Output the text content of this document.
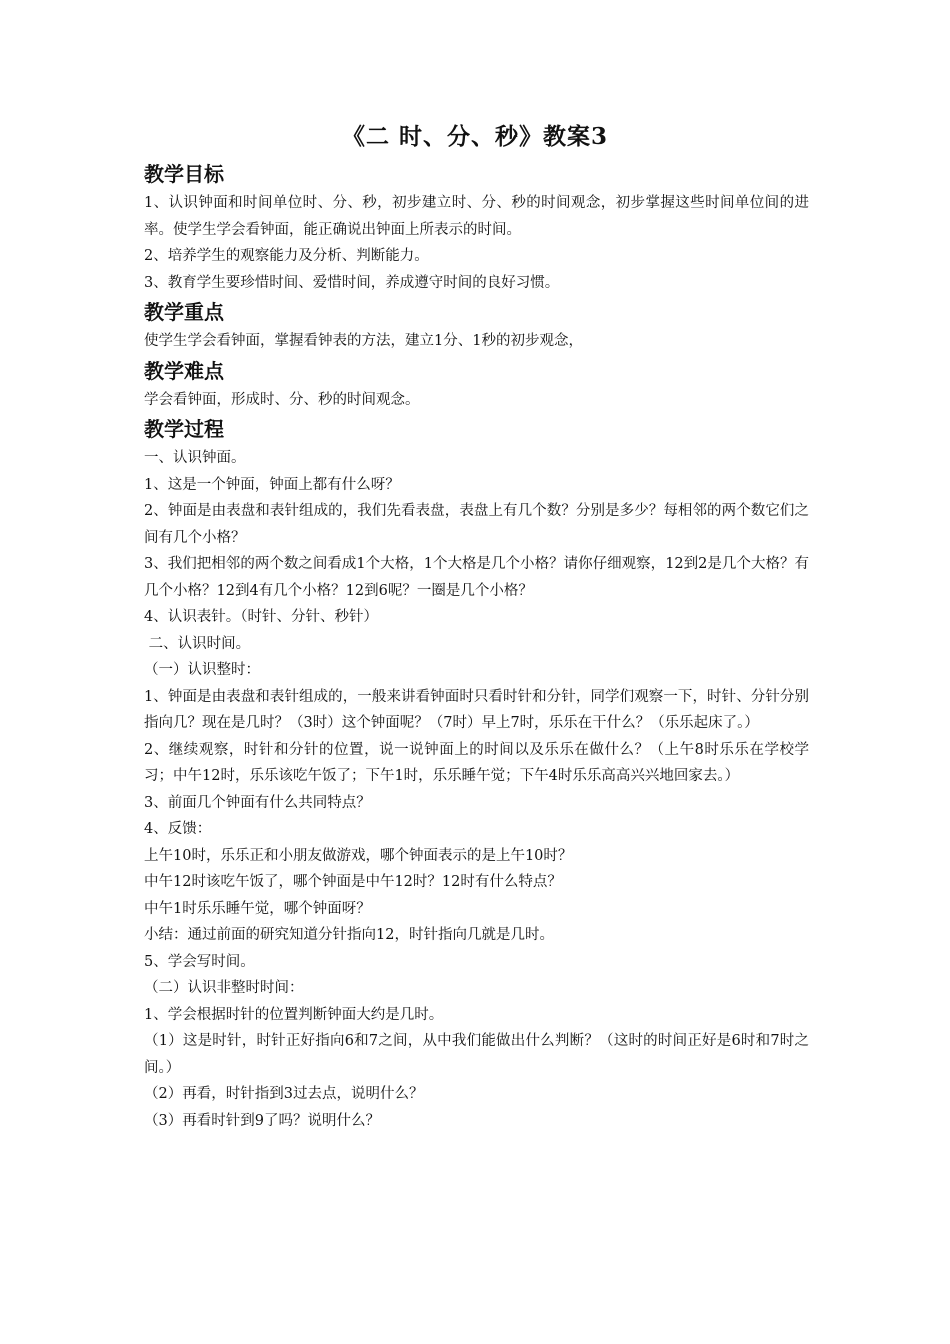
《二 时、分、秒》教案3
教学目标

1、认识钟面和时间单位时、分、秒，初步建立时、分、秒的时间观念，初步掌握这些时间单位间的进率。使学生学会看钟面，能正确说出钟面上所表示的时间。

2、培养学生的观察能力及分析、判断能力。

3、教育学生要珍惜时间、爱惜时间，养成遵守时间的良好习惯。

教学重点

使学生学会看钟面，掌握看钟表的方法，建立1分、1秒的初步观念，

教学难点

学会看钟面，形成时、分、秒的时间观念。

教学过程

一、认识钟面。

1、这是一个钟面，钟面上都有什么呀？

2、钟面是由表盘和表针组成的，我们先看表盘，表盘上有几个数？分别是多少？每相邻的两个数它们之间有几个小格？

3、我们把相邻的两个数之间看成1个大格，1个大格是几个小格？请你仔细观察，12到2是几个大格？有几个小格？12到4有几个小格？12到6呢？一圈是几个小格？

4、认识表针。（时针、分针、秒针）

二、认识时间。

（一）认识整时：

1、钟面是由表盘和表针组成的，一般来讲看钟面时只看时针和分针，同学们观察一下，时针、分针分别指向几？现在是几时？（3时）这个钟面呢？（7时）早上7时，乐乐在干什么？（乐乐起床了。）

2、继续观察，时针和分针的位置，说一说钟面上的时间以及乐乐在做什么？（上午8时乐乐在学校学习；中午12时，乐乐该吃午饭了；下午1时，乐乐睡午觉；下午4时乐乐高高兴兴地回家去。）

3、前面几个钟面有什么共同特点？

4、反馈：

上午10时，乐乐正和小朋友做游戏，哪个钟面表示的是上午10时？

中午12时该吃午饭了，哪个钟面是中午12时？12时有什么特点？

中午1时乐乐睡午觉，哪个钟面呀？

小结：通过前面的研究知道分针指向12，时针指向几就是几时。

5、学会写时间。

（二）认识非整时时间：

1、学会根据时针的位置判断钟面大约是几时。

（1）这是时针，时针正好指向6和7之间，从中我们能做出什么判断？（这时的时间正好是6时和7时之间。）

（2）再看，时针指到3过去点，说明什么？

（3）再看时针到9了吗？说明什么？
